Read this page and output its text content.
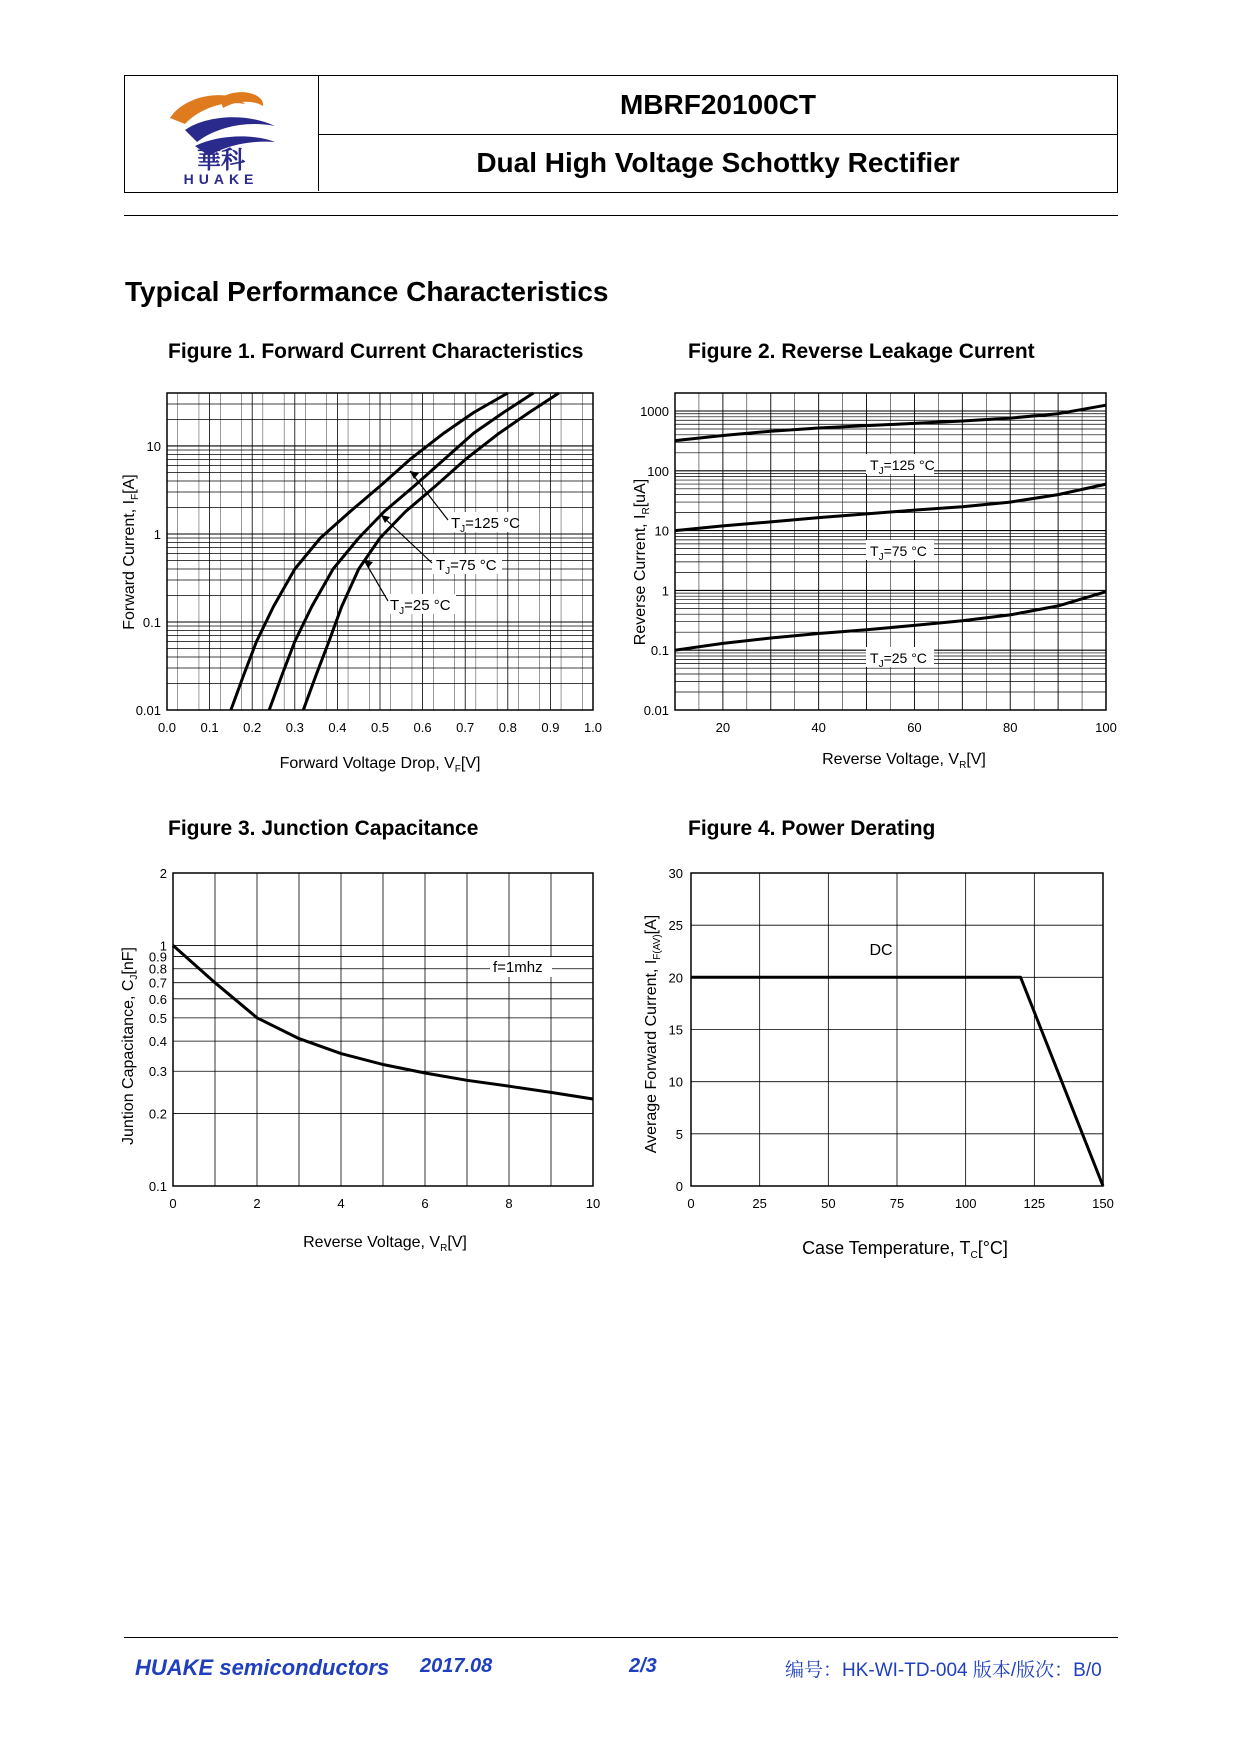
華科
HUAKE
MBRF20100CT
Dual High Voltage Schottky Rectifier
Typical Performance Characteristics
Figure 1. Forward Current Characteristics	Figure 2. Reverse Leakage Current
Figure 3. Junction Capacitance	Figure 4. Power Derating
0.0 0.1 0.2 0.3 0.4 0.5 0.6 0.7 0.8 0.9 1.0
0.01
0.1
1
10
$T_J=125$ °C
$T_J=75$ °C
$T_J=25$ °C
Forward Voltage Drop, $V_F[V]$
Forward Current, $I_F[A]$
20	40	60	80	100
0.01
0.1
1
10
100
1000
$T_J=125$ °C
$T_J=75$ °C
$T_J=25$ °C
Reverse Voltage, $V_R[V]$
Reverse Current, $I_R[uA]$
0	2	4	6	8	10
0.1
0.2
0.3
0.4
0.5
0.6
0.7
0.8
0.9
1
2
f=1mhz
Reverse Voltage, $V_R[V]$
Juntion Capacitance, $C_J[nF]$
0	25	50	75	100	125	150
0
5
10
15
20
25
30
DC
Case Temperature, $T_C[^\circ C]$
Average Forward Current, $I_{F(AV)}[A]$
HUAKE semiconductors 2017.08	2/3	编号：HK-WI-TD-004 版本/版次：B/0
